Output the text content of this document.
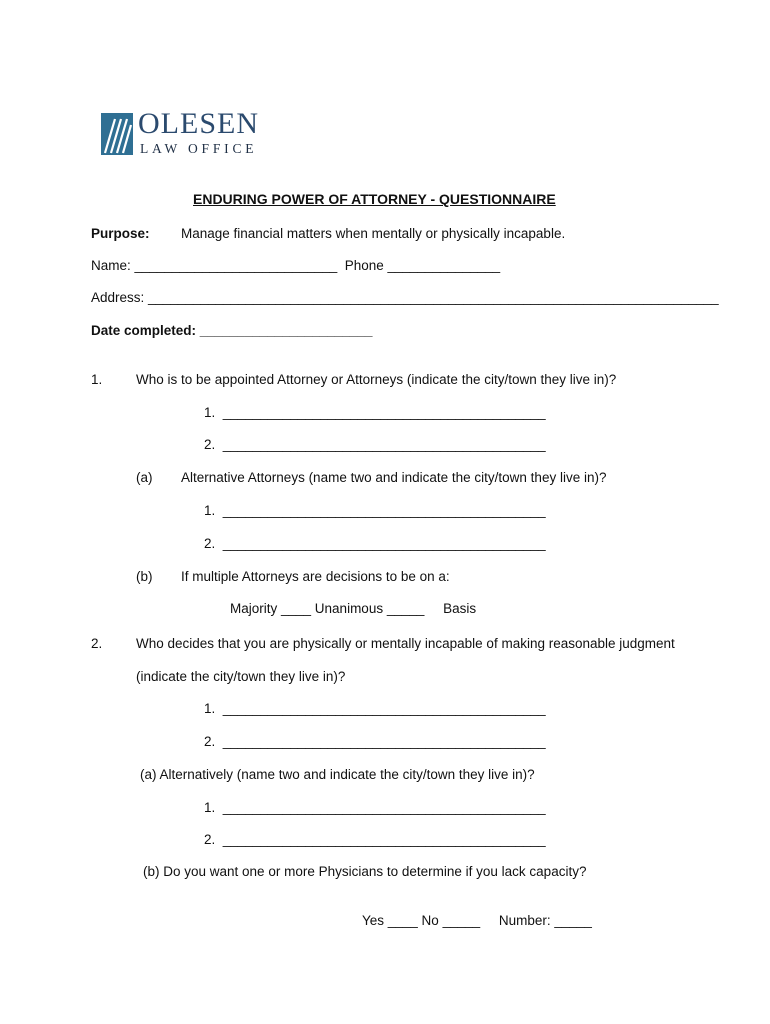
OLESEN
LAW OFFICE
ENDURING POWER OF ATTORNEY - QUESTIONNAIRE
Purpose: Manage financial matters when mentally or physically incapable.
Name: ___________________________  Phone _______________
Address: ____________________________________________________________________________
Date completed: _______________________
1. Who is to be appointed Attorney or Attorneys (indicate the city/town they live in)?
1.  ___________________________________________
2.  ___________________________________________
(a) Alternative Attorneys (name two and indicate the city/town they live in)?
1.  ___________________________________________
2.  ___________________________________________
(b) If multiple Attorneys are decisions to be on a:
Majority ____ Unanimous _____     Basis
2. Who decides that you are physically or mentally incapable of making reasonable judgment
(indicate the city/town they live in)?
1.  ___________________________________________
2.  ___________________________________________
(a) Alternatively (name two and indicate the city/town they live in)?
1.  ___________________________________________
2.  ___________________________________________
(b) Do you want one or more Physicians to determine if you lack capacity?
Yes ____ No _____     Number: _____
